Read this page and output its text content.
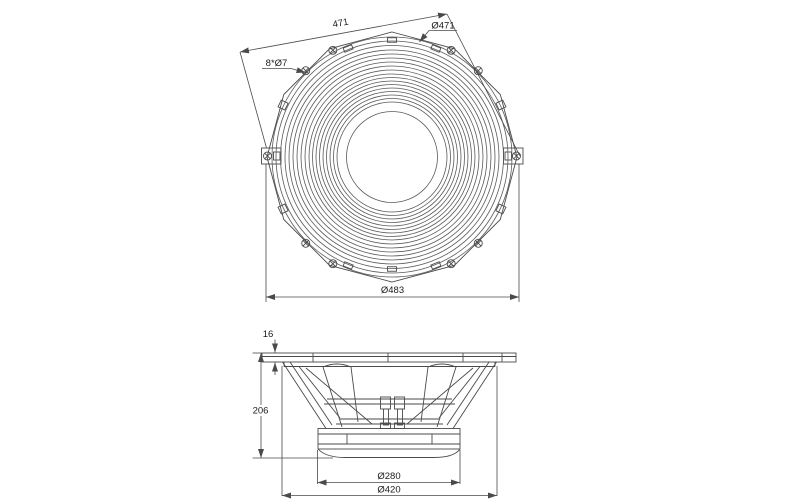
471	Ø471
8*Ø7
Ø483
16
206
Ø280
Ø420
